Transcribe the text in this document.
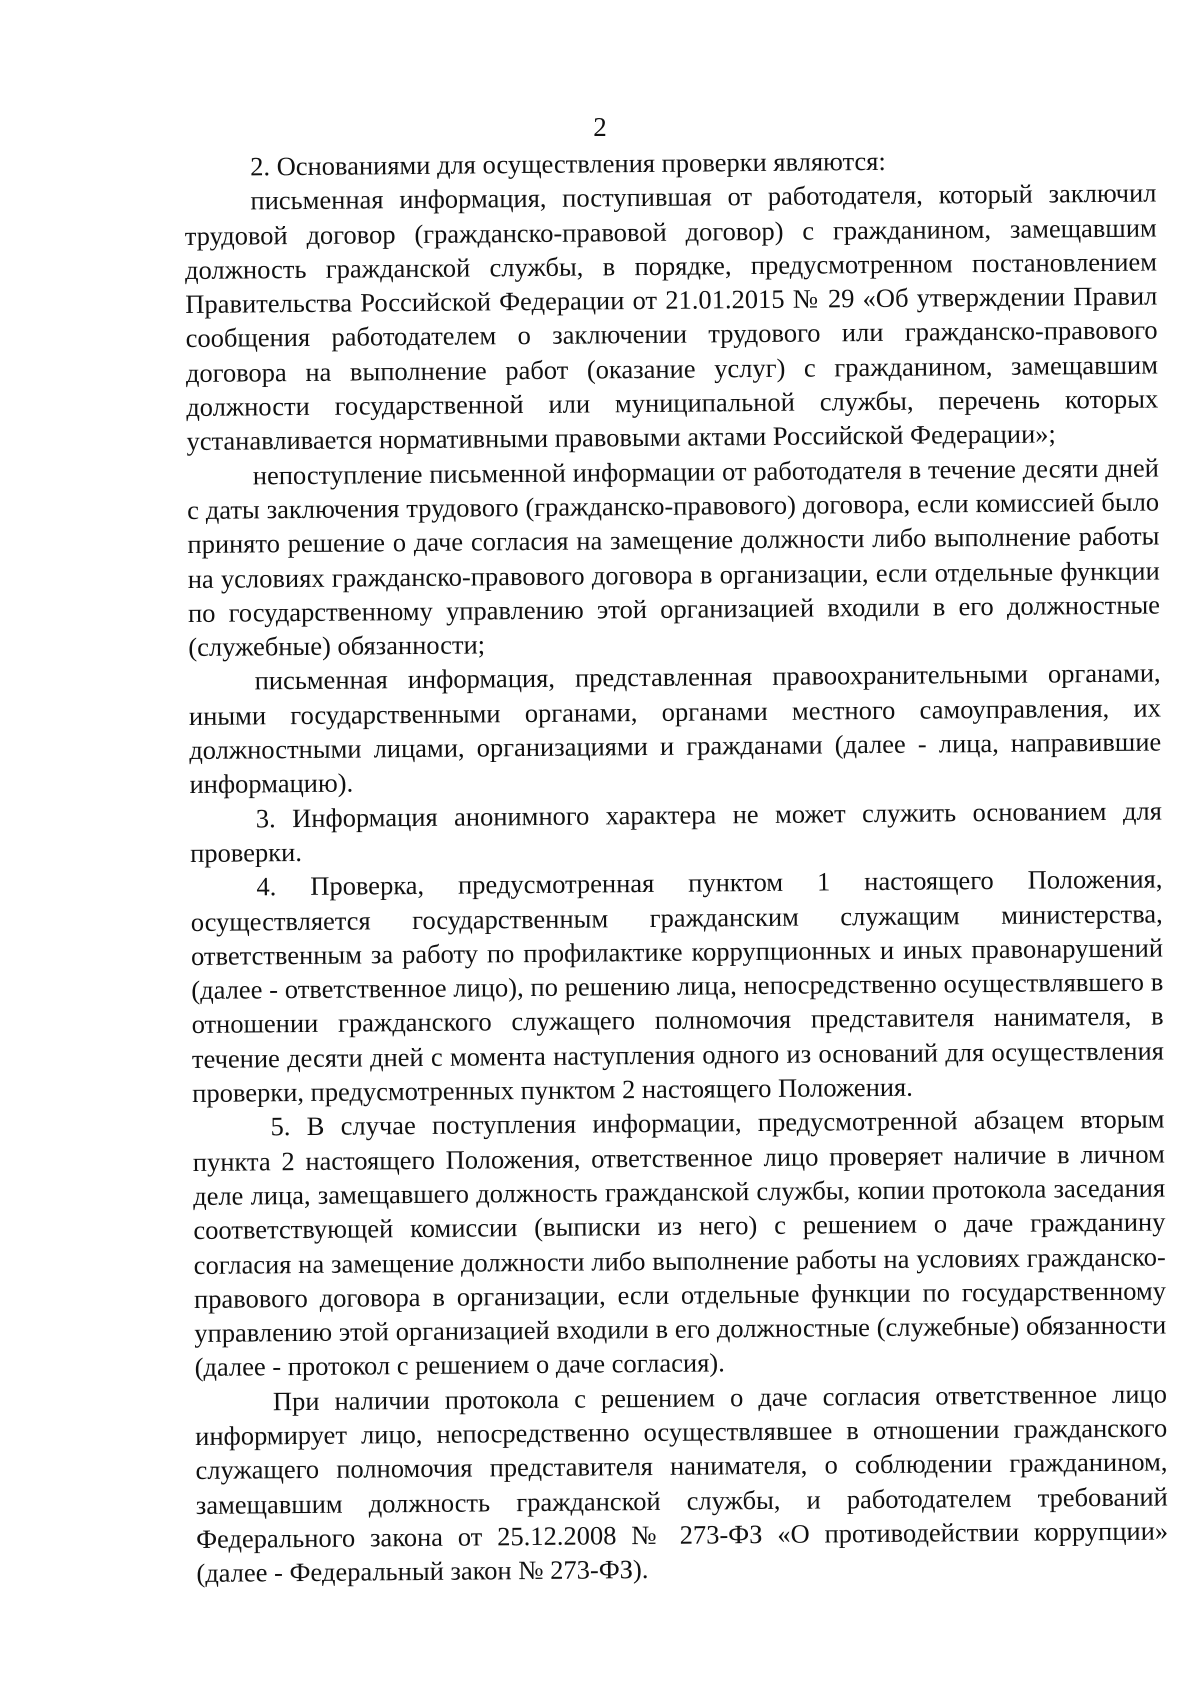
2

2. Основаниями для осуществления проверки являются:

письменная информация, поступившая от работодателя, который заключил трудовой договор (гражданско-правовой договор) с гражданином, замещавшим должность гражданской службы, в порядке, предусмотренном постановлением Правительства Российской Федерации от 21.01.2015 № 29 «Об утверждении Правил сообщения работодателем о заключении трудового или гражданско-правового договора на выполнение работ (оказание услуг) с гражданином, замещавшим должности государственной или муниципальной службы, перечень которых устанавливается нормативными правовыми актами Российской Федерации»;

непоступление письменной информации от работодателя в течение десяти дней с даты заключения трудового (гражданско-правового) договора, если комиссией было принято решение о даче согласия на замещение должности либо выполнение работы на условиях гражданско-правового договора в организации, если отдельные функции по государственному управлению этой организацией входили в его должностные (служебные) обязанности;

письменная информация, представленная правоохранительными органами, иными государственными органами, органами местного самоуправления, их должностными лицами, организациями и гражданами (далее - лица, направившие информацию).

3. Информация анонимного характера не может служить основанием для проверки.

4. Проверка, предусмотренная пунктом 1 настоящего Положения, осуществляется государственным гражданским служащим министерства, ответственным за работу по профилактике коррупционных и иных правонарушений (далее - ответственное лицо), по решению лица, непосредственно осуществлявшего в отношении гражданского служащего полномочия представителя нанимателя, в течение десяти дней с момента наступления одного из оснований для осуществления проверки, предусмотренных пунктом 2 настоящего Положения.

5. В случае поступления информации, предусмотренной абзацем вторым пункта 2 настоящего Положения, ответственное лицо проверяет наличие в личном деле лица, замещавшего должность гражданской службы, копии протокола заседания соответствующей комиссии (выписки из него) с решением о даче гражданину согласия на замещение должности либо выполнение работы на условиях гражданско-правового договора в организации, если отдельные функции по государственному управлению этой организацией входили в его должностные (служебные) обязанности (далее - протокол с решением о даче согласия).

При наличии протокола с решением о даче согласия ответственное лицо информирует лицо, непосредственно осуществлявшее в отношении гражданского служащего полномочия представителя нанимателя, о соблюдении гражданином, замещавшим должность гражданской службы, и работодателем требований Федерального закона от 25.12.2008 № 273-ФЗ «О противодействии коррупции» (далее - Федеральный закон № 273-ФЗ).
